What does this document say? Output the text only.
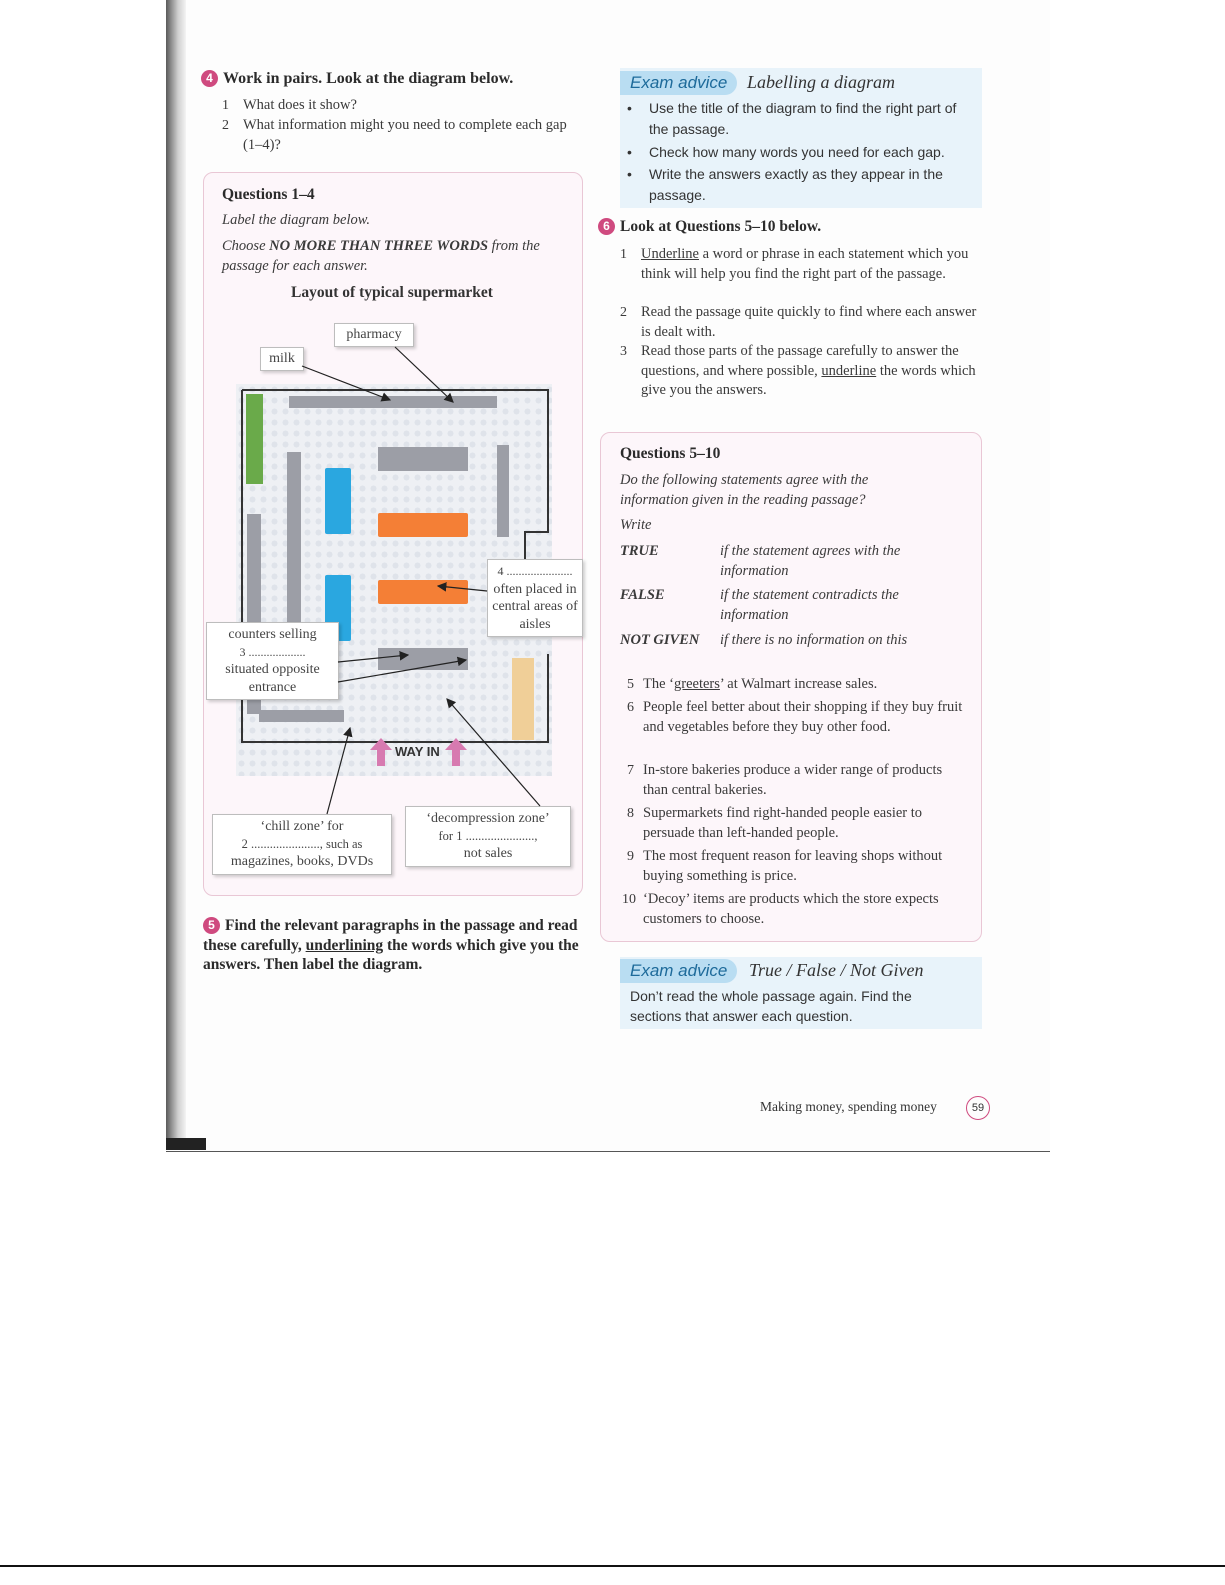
4 Work in pairs. Look at the diagram below.
1 What does it show?
2 What information might you need to complete each gap (1–4)?
Questions 1–4
Label the diagram below.
Choose NO MORE THAN THREE WORDS from the passage for each answer.
Layout of typical supermarket
WAY IN
pharmacy
milk
4 ......................
often placed in central areas of aisles
counters selling
3 ...................
situated opposite entrance
‘chill zone’ for
2 ......................, such as
magazines, books, DVDs
‘decompression zone’
for 1 ......................,
not sales
5 Find the relevant paragraphs in the passage and read these carefully, underlining the words which give you the answers. Then label the diagram.
Exam advice	Labelling a diagram
• Use the title of the diagram to find the right part of the passage.
• Check how many words you need for each gap.
• Write the answers exactly as they appear in the passage.
6 Look at Questions 5–10 below.
1 Underline a word or phrase in each statement which you think will help you find the right part of the passage.
2 Read the passage quite quickly to find where each answer is dealt with.
3 Read those parts of the passage carefully to answer the questions, and where possible, underline the words which give you the answers.
Questions 5–10
Do the following statements agree with the information given in the reading passage?
Write
TRUE	if the statement agrees with the information
FALSE	if the statement contradicts the information
NOT GIVEN if there is no information on this
5 The ‘greeters’ at Walmart increase sales.
6 People feel better about their shopping if they buy fruit and vegetables before they buy other food.
7 In-store bakeries produce a wider range of products than central bakeries.
8 Supermarkets find right-handed people easier to persuade than left-handed people.
9 The most frequent reason for leaving shops without buying something is price.
10 ‘Decoy’ items are products which the store expects customers to choose.
Exam advice	True / False / Not Given
Don’t read the whole passage again. Find the sections that answer each question.
Making money, spending money	59
